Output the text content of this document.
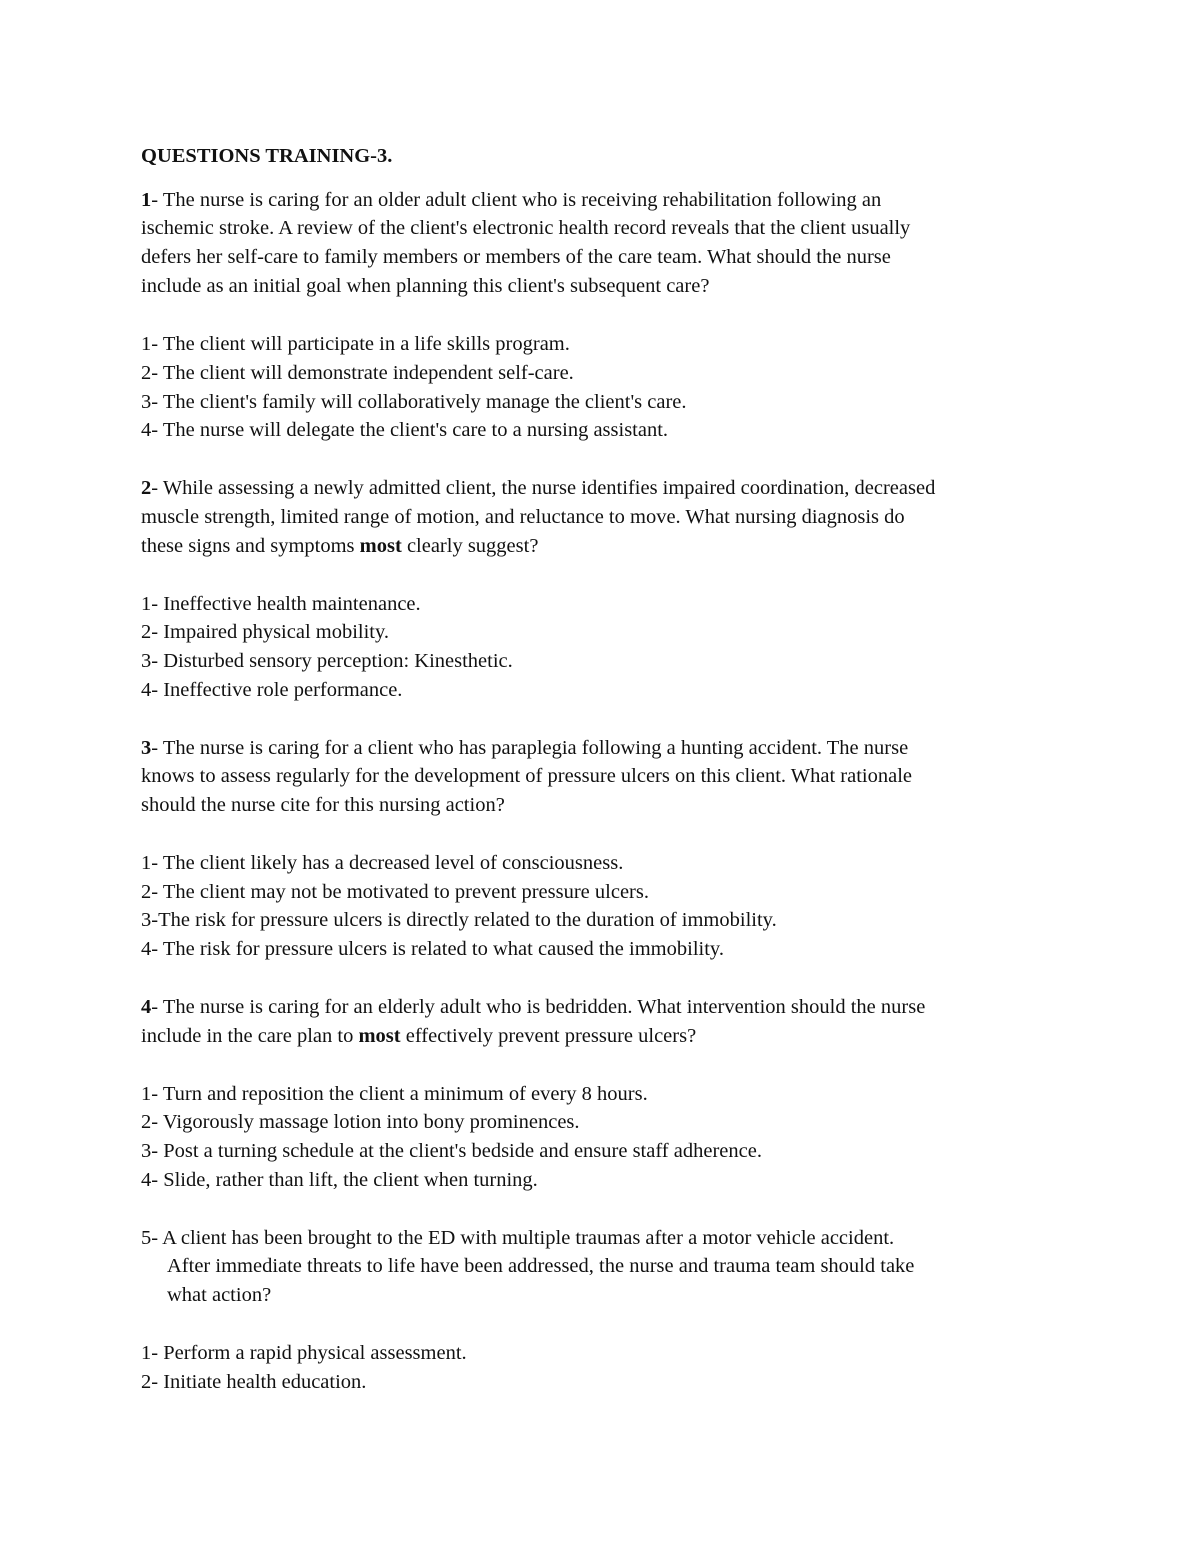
QUESTIONS TRAINING-3.
1- The nurse is caring for an older adult client who is receiving rehabilitation following an
ischemic stroke. A review of the client's electronic health record reveals that the client usually
defers her self-care to family members or members of the care team. What should the nurse
include as an initial goal when planning this client's subsequent care?
1- The client will participate in a life skills program.
2- The client will demonstrate independent self-care.
3- The client's family will collaboratively manage the client's care.
4- The nurse will delegate the client's care to a nursing assistant.
2- While assessing a newly admitted client, the nurse identifies impaired coordination, decreased
muscle strength, limited range of motion, and reluctance to move. What nursing diagnosis do
these signs and symptoms most clearly suggest?
1- Ineffective health maintenance.
2- Impaired physical mobility.
3- Disturbed sensory perception: Kinesthetic.
4- Ineffective role performance.
3- The nurse is caring for a client who has paraplegia following a hunting accident. The nurse
knows to assess regularly for the development of pressure ulcers on this client. What rationale
should the nurse cite for this nursing action?
1- The client likely has a decreased level of consciousness.
2- The client may not be motivated to prevent pressure ulcers.
3-The risk for pressure ulcers is directly related to the duration of immobility.
4- The risk for pressure ulcers is related to what caused the immobility.
4- The nurse is caring for an elderly adult who is bedridden. What intervention should the nurse
include in the care plan to most effectively prevent pressure ulcers?
1- Turn and reposition the client a minimum of every 8 hours.
2- Vigorously massage lotion into bony prominences.
3- Post a turning schedule at the client's bedside and ensure staff adherence.
4- Slide, rather than lift, the client when turning.
5- A client has been brought to the ED with multiple traumas after a motor vehicle accident.
After immediate threats to life have been addressed, the nurse and trauma team should take
what action?
1- Perform a rapid physical assessment.
2- Initiate health education.
